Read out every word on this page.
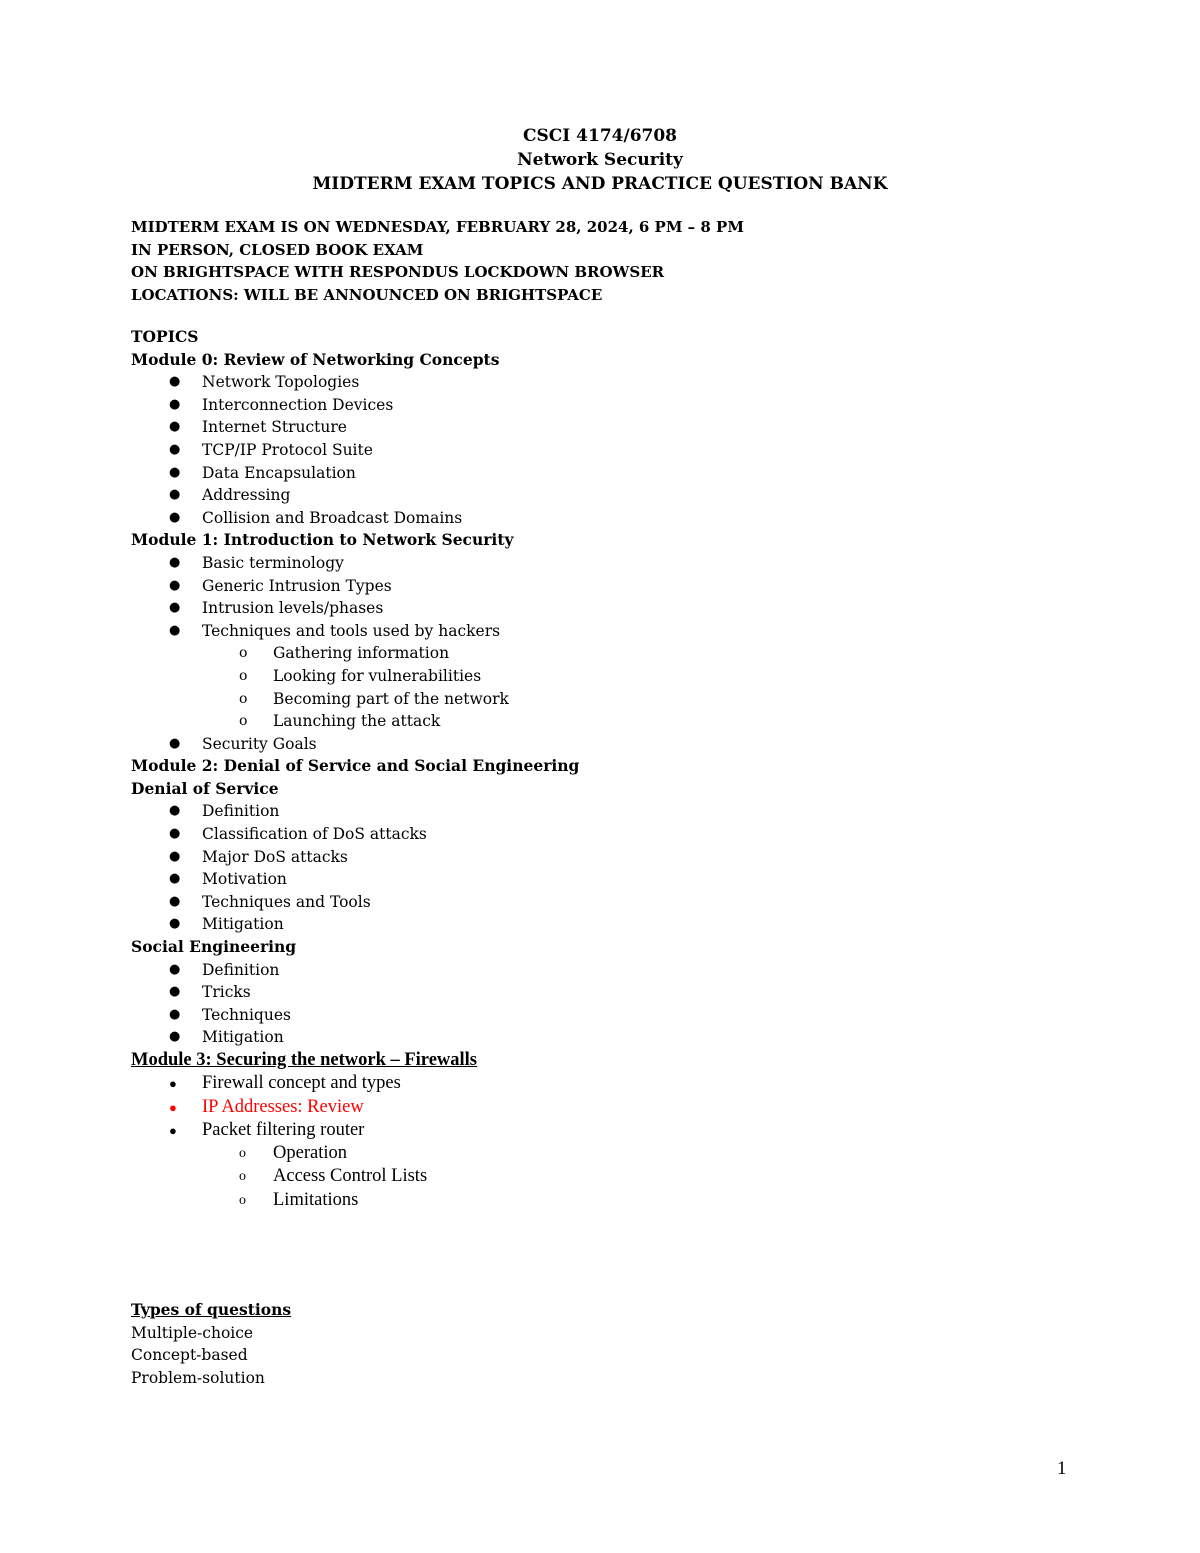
CSCI 4174/6708
Network Security
MIDTERM EXAM TOPICS AND PRACTICE QUESTION BANK
MIDTERM EXAM IS ON WEDNESDAY, FEBRUARY 28, 2024, 6 PM – 8 PM
IN PERSON, CLOSED BOOK EXAM
ON BRIGHTSPACE WITH RESPONDUS LOCKDOWN BROWSER
LOCATIONS: WILL BE ANNOUNCED ON BRIGHTSPACE
TOPICS
Module 0: Review of Networking Concepts
● Network Topologies
● Interconnection Devices
● Internet Structure
● TCP/IP Protocol Suite
● Data Encapsulation
● Addressing
● Collision and Broadcast Domains
Module 1: Introduction to Network Security
● Basic terminology
● Generic Intrusion Types
● Intrusion levels/phases
● Techniques and tools used by hackers
o Gathering information
o Looking for vulnerabilities
o Becoming part of the network
o Launching the attack
● Security Goals
Module 2: Denial of Service and Social Engineering
Denial of Service
● Definition
● Classification of DoS attacks
● Major DoS attacks
● Motivation
● Techniques and Tools
● Mitigation
Social Engineering
● Definition
● Tricks
● Techniques
● Mitigation
Module 3: Securing the network – Firewalls
● Firewall concept and types
● IP Addresses: Review
● Packet filtering router
o Operation
o Access Control Lists
o Limitations
Types of questions
Multiple-choice
Concept-based
Problem-solution
1
